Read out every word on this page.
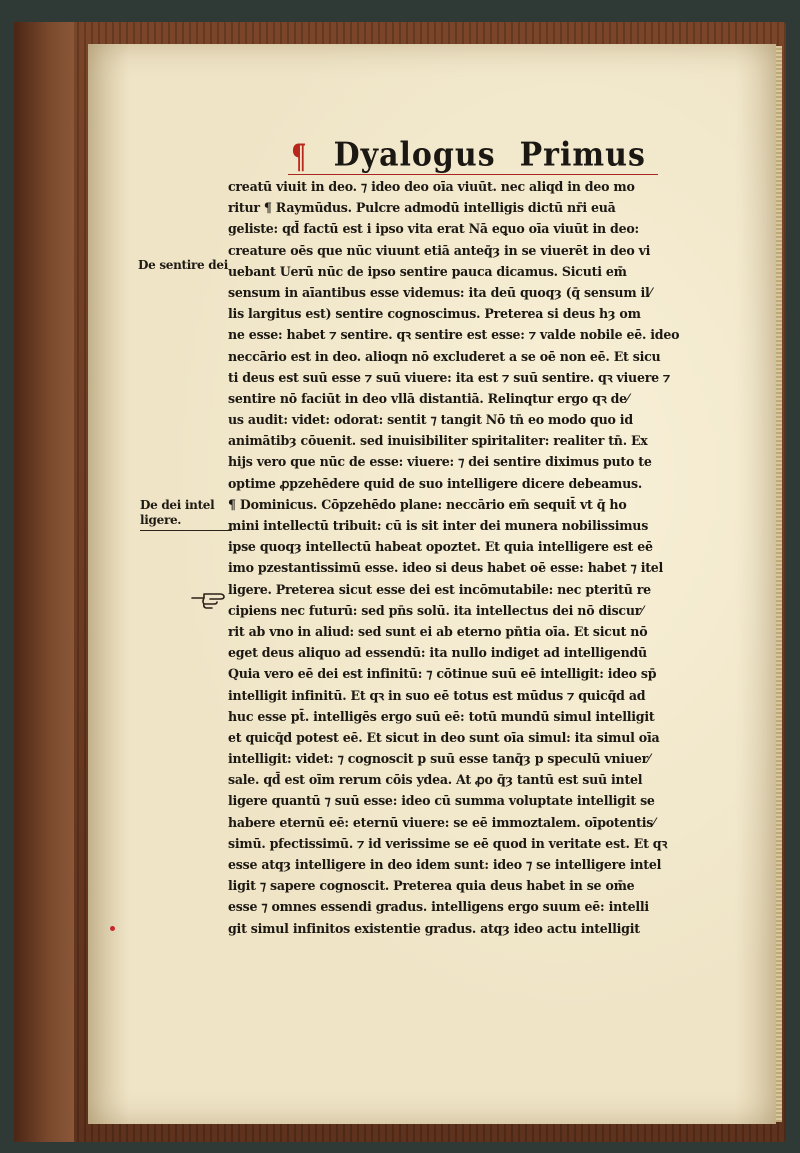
¶ Dyalogus Primus
De sentire dei
De dei intel
ligere.
creatū viuit in deo. ⁊ ideo deo oīa viuūt. nec aliqd in deo mo
ritur ¶ Raymūdus. Pulcre admodū intelligis dictū nr̄i euā
geliste: qd̄ factū est i ipso vita erat Nā eꝗuo oīa viuūt in deo:
creature oēs que nūc viuunt etiā anteq̄ȝ in se viuerēt in deo vi
uebant Uerū nūc de ipso sentire pauca dicamus. Sicuti em̄
sensum in aīantibus esse videmus: ita deū quoqȝ (q̄ sensum il⁄
lis largitus est) sentire cognoscimus. Preterea si deus hȝ om
ne esse: habet ⁊ sentire. qꝛ sentire est esse: ⁊ valde nobile eē. ideo
neccārio est in deo. alioqn nō excluderet a se oē non eē. Et sicu
ti deus est suū esse ⁊ suū viuere: ita est ⁊ suū sentire. qꝛ viuere ⁊
sentire nō faciūt in deo vllā distantiā. Relinqtur ergo qꝛ de⁄
us audit: videt: odorat: sentit ⁊ tangit Nō tn̄ eo modo quo id
animātibȝ cōuenit. sed inuisibiliter spiritaliter: realiter tn̄. Ex
hijs vero que nūc de esse: viuere: ⁊ dei sentire diximus puto te
optime ꝓpzehēdere quid de suo intelligere dicere debeamus.
¶ Dominicus. Cōpzehēdo plane: neccārio em̄ sequit̄ vt q̄ ho
mini intellectū tribuit: cū is sit inter dei munera nobilissimus
ipse quoqȝ intellectū habeat opoztet. Et quia intelligere est eē
imo pzestantissimū esse. ideo si deus habet oē esse: habet ⁊ itel
ligere. Preterea sicut esse dei est incōmutabile: nec pteritū re
cipiens nec futurū: sed pn̄s solū. ita intellectus dei nō discur⁄
rit ab vno in aliud: sed sunt ei ab eterno pn̄tia oīa. Et sicut nō
eget deus aliquo ad essendū: ita nullo indiget ad intelligendū
Quia vero eē dei est infinitū: ⁊ cōtinue suū eē intelligit: ideo sp̄
intelligit infinitū. Et qꝛ in suo eē totus est mūdus ⁊ quicq̄d ad
huc esse pt̄. intelligēs ergo suū eē: totū mundū simul intelligit
et quicq̄d potest eē. Et sicut in deo sunt oīa simul: ita simul oīa
intelligit: videt: ⁊ cognoscit p suū esse tanq̄ȝ p speculū vniuer⁄
sale. qd̄ est oīm rerum cōis ydea. At ꝓo q̄ȝ tantū est suū intel
ligere quantū ⁊ suū esse: ideo cū summa voluptate intelligit se
habere eternū eē: eternū viuere: se eē immoztalem. oīpotentis⁄
simū. pfectissimū. ⁊ id verissime se eē quod in veritate est. Et qꝛ
esse atqȝ intelligere in deo idem sunt: ideo ⁊ se intelligere intel
ligit ⁊ sapere cognoscit. Preterea quia deus habet in se om̄e
esse ⁊ omnes essendi gradus. intelligens ergo suum eē: intelli
git simul infinitos existentie gradus. atqȝ ideo actu intelligit
